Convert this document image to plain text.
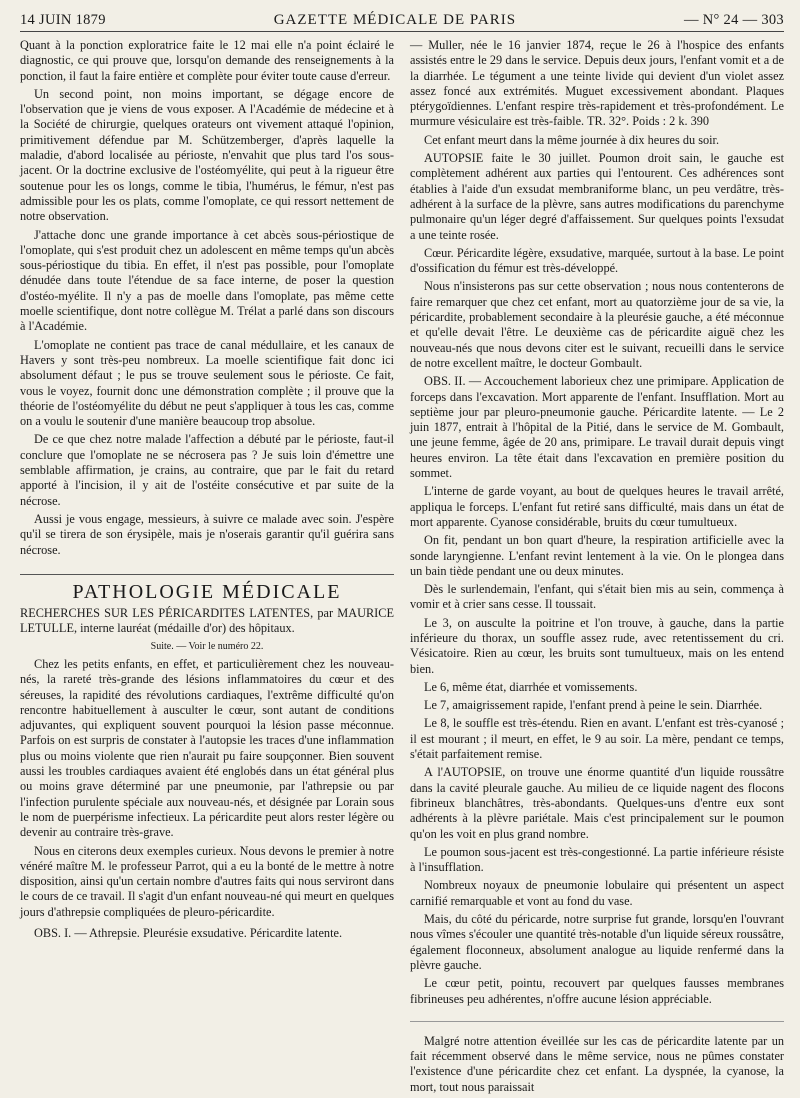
14 JUIN 1879	GAZETTE MÉDICALE DE PARIS	— N° 24 — 303

Quant à la ponction exploratrice faite le 12 mai elle n'a point éclairé le diagnostic, ce qui prouve que, lorsqu'on demande des renseignements à la ponction, il faut la faire entière et complète pour éviter toute cause d'erreur.

Un second point, non moins important, se dégage encore de l'observation que je viens de vous exposer. A l'Académie de médecine et à la Société de chirurgie, quelques orateurs ont vivement attaqué l'opinion, primitivement défendue par M. Schützemberger, d'après laquelle la maladie, d'abord localisée au périoste, n'envahit que plus tard l'os sous-jacent. Or la doctrine exclusive de l'ostéomyélite, qui peut à la rigueur être soutenue pour les os longs, comme le tibia, l'humérus, le fémur, n'est pas admissible pour les os plats, comme l'omoplate, ce qui ressort nettement de notre observation.

J'attache donc une grande importance à cet abcès sous-périostique de l'omoplate, qui s'est produit chez un adolescent en même temps qu'un abcès sous-périostique du tibia. En effet, il n'est pas possible, pour l'omoplate dénudée dans toute l'étendue de sa face interne, de poser la question d'ostéo-myélite. Il n'y a pas de moelle dans l'omoplate, pas même cette moelle scientifique, dont notre collègue M. Trélat a parlé dans son discours à l'Académie.

L'omoplate ne contient pas trace de canal médullaire, et les canaux de Havers y sont très-peu nombreux. La moelle scientifique fait donc ici absolument défaut ; le pus se trouve seulement sous le périoste. Ce fait, vous le voyez, fournit donc une démonstration complète ; il prouve que la théorie de l'ostéomyélite du début ne peut s'appliquer à tous les cas, comme on a voulu le soutenir d'une manière beaucoup trop absolue.

De ce que chez notre malade l'affection a débuté par le périoste, faut-il conclure que l'omoplate ne se nécrosera pas ? Je suis loin d'émettre une semblable affirmation, je crains, au contraire, que par le fait du retard apporté à l'incision, il y ait de l'ostéite consécutive et par suite de la nécrose.

Aussi je vous engage, messieurs, à suivre ce malade avec soin. J'espère qu'il se tirera de son érysipèle, mais je n'oserais garantir qu'il guérira sans nécrose.

PATHOLOGIE MÉDICALE

RECHERCHES SUR LES PÉRICARDITES LATENTES, par MAURICE LETULLE, interne lauréat (médaille d'or) des hôpitaux.

Suite. — Voir le numéro 22.

Chez les petits enfants, en effet, et particulièrement chez les nouveau-nés, la rareté très-grande des lésions inflammatoires du cœur et des séreuses, la rapidité des révolutions cardiaques, l'extrême difficulté qu'on rencontre habituellement à ausculter le cœur, sont autant de conditions adjuvantes, qui expliquent souvent pourquoi la lésion passe méconnue. Parfois on est surpris de constater à l'autopsie les traces d'une inflammation plus ou moins violente que rien n'aurait pu faire soupçonner. Bien souvent aussi les troubles cardiaques avaient été englobés dans un état général plus ou moins grave déterminé par une pneumonie, par l'athrepsie ou par l'infection purulente spéciale aux nouveau-nés, et désignée par Lorain sous le nom de puerpérisme infectieux. La péricardite peut alors rester légère ou devenir au contraire très-grave.

Nous en citerons deux exemples curieux. Nous devons le premier à notre vénéré maître M. le professeur Parrot, qui a eu la bonté de le mettre à notre disposition, ainsi qu'un certain nombre d'autres faits qui nous serviront dans le cours de ce travail. Il s'agit d'un enfant nouveau-né qui meurt en quelques jours d'athrepsie compliquées de pleuro-péricardite.

OBS. I. — Athrepsie. Pleurésie exsudative. Péricardite latente.

— Muller, née le 16 janvier 1874, reçue le 26 à l'hospice des enfants assistés entre le 29 dans le service. Depuis deux jours, l'enfant vomit et a de la diarrhée. Le tégument a une teinte livide qui devient d'un violet assez assez foncé aux extrémités. Muguet excessivement abondant. Plaques ptérygoïdiennes. L'enfant respire très-rapidement et très-profondément. Le murmure vésiculaire est très-faible. TR. 32°. Poids : 2 k. 390

Cet enfant meurt dans la même journée à dix heures du soir.

AUTOPSIE faite le 30 juillet. Poumon droit sain, le gauche est complètement adhérent aux parties qui l'entourent. Ces adhérences sont établies à l'aide d'un exsudat membraniforme blanc, un peu verdâtre, très-adhérent à la surface de la plèvre, sans autres modifications du parenchyme pulmonaire qu'un léger degré d'affaissement. Sur quelques points l'exsudat a une teinte rosée.

Cœur. Péricardite légère, exsudative, marquée, surtout à la base. Le point d'ossification du fémur est très-développé.

Nous n'insisterons pas sur cette observation ; nous nous contenterons de faire remarquer que chez cet enfant, mort au quatorzième jour de sa vie, la péricardite, probablement secondaire à la pleurésie gauche, a été méconnue et qu'elle devait l'être. Le deuxième cas de péricardite aiguë chez les nouveau-nés que nous devons citer est le suivant, recueilli dans le service de notre excellent maître, le docteur Gombault.

OBS. II. — Accouchement laborieux chez une primipare. Application de forceps dans l'excavation. Mort apparente de l'enfant. Insufflation. Mort au septième jour par pleuro-pneumonie gauche. Péricardite latente. — Le 2 juin 1877, entrait à l'hôpital de la Pitié, dans le service de M. Gombault, une jeune femme, âgée de 20 ans, primipare. Le travail durait depuis vingt heures environ. La tête était dans l'excavation en première position du sommet.

L'interne de garde voyant, au bout de quelques heures le travail arrêté, appliqua le forceps. L'enfant fut retiré sans difficulté, mais dans un état de mort apparente. Cyanose considérable, bruits du cœur tumultueux.

On fit, pendant un bon quart d'heure, la respiration artificielle avec la sonde laryngienne. L'enfant revint lentement à la vie. On le plongea dans un bain tiède pendant une ou deux minutes.

Dès le surlendemain, l'enfant, qui s'était bien mis au sein, commença à vomir et à crier sans cesse. Il toussait.

Le 3, on ausculte la poitrine et l'on trouve, à gauche, dans la partie inférieure du thorax, un souffle assez rude, avec retentissement du cri. Vésicatoire. Rien au cœur, les bruits sont tumultueux, mais on les entend bien.

Le 6, même état, diarrhée et vomissements.

Le 7, amaigrissement rapide, l'enfant prend à peine le sein. Diarrhée.

Le 8, le souffle est très-étendu. Rien en avant. L'enfant est très-cyanosé ; il est mourant ; il meurt, en effet, le 9 au soir. La mère, pendant ce temps, s'était parfaitement remise.

A l'AUTOPSIE, on trouve une énorme quantité d'un liquide roussâtre dans la cavité pleurale gauche. Au milieu de ce liquide nagent des flocons fibrineux blanchâtres, très-abondants. Quelques-uns d'entre eux sont adhérents à la plèvre pariétale. Mais c'est principalement sur le poumon qu'on les voit en plus grand nombre.

Le poumon sous-jacent est très-congestionné. La partie inférieure résiste à l'insufflation.

Nombreux noyaux de pneumonie lobulaire qui présentent un aspect carnifié remarquable et vont au fond du vase.

Mais, du côté du péricarde, notre surprise fut grande, lorsqu'en l'ouvrant nous vîmes s'écouler une quantité très-notable d'un liquide séreux roussâtre, également floconneux, absolument analogue au liquide renfermé dans la plèvre gauche.

Le cœur petit, pointu, recouvert par quelques fausses membranes fibrineuses peu adhérentes, n'offre aucune lésion appréciable.

Malgré notre attention éveillée sur les cas de péricardite latente par un fait récemment observé dans le même service, nous ne pûmes constater l'existence d'une péricardite chez cet enfant. La dyspnée, la cyanose, la mort, tout nous paraissait
